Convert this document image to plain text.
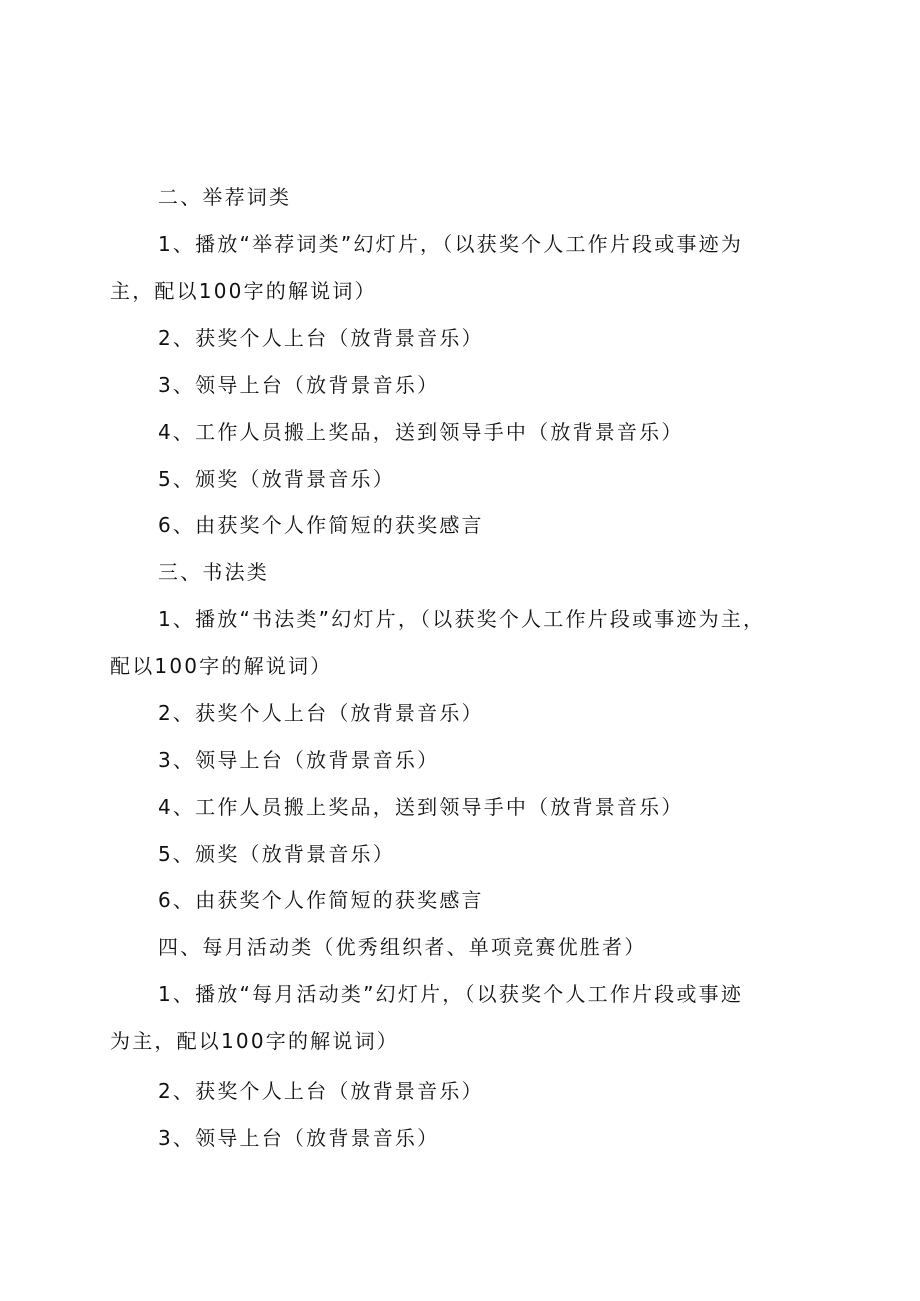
二、举荐词类
1、播放“举荐词类”幻灯片，（以获奖个人工作片段或事迹为
主，配以100字的解说词）
2、获奖个人上台（放背景音乐）
3、领导上台（放背景音乐）
4、工作人员搬上奖品，送到领导手中（放背景音乐）
5、颁奖（放背景音乐）
6、由获奖个人作简短的获奖感言
三、书法类
1、播放“书法类”幻灯片，（以获奖个人工作片段或事迹为主，
配以100字的解说词）
2、获奖个人上台（放背景音乐）
3、领导上台（放背景音乐）
4、工作人员搬上奖品，送到领导手中（放背景音乐）
5、颁奖（放背景音乐）
6、由获奖个人作简短的获奖感言
四、每月活动类（优秀组织者、单项竞赛优胜者）
1、播放“每月活动类”幻灯片，（以获奖个人工作片段或事迹
为主，配以100字的解说词）
2、获奖个人上台（放背景音乐）
3、领导上台（放背景音乐）
